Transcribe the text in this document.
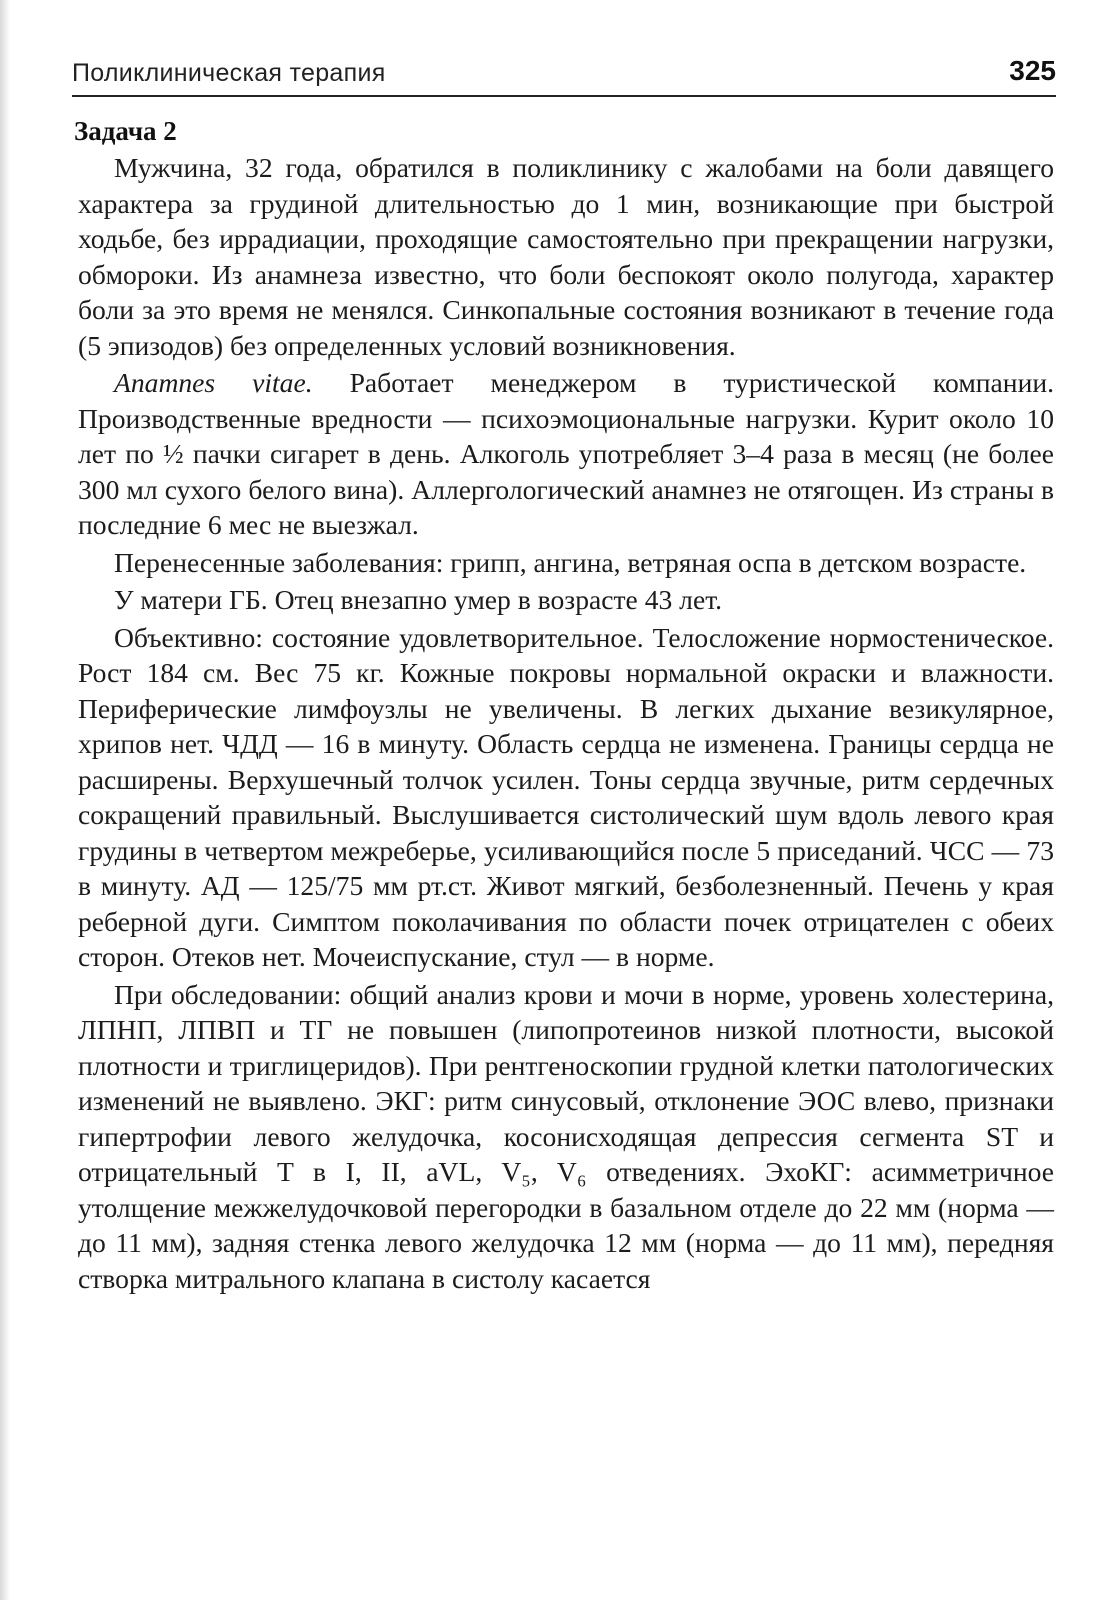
Поликлиническая терапия	325
Задача 2

Мужчина, 32 года, обратился в поликлинику с жалобами на боли давящего характера за грудиной длительностью до 1 мин, возникающие при быстрой ходьбе, без иррадиации, проходящие самостоятельно при прекращении нагрузки, обмороки. Из анамнеза известно, что боли беспокоят около полугода, характер боли за это время не менялся. Синкопальные состояния возникают в течение года (5 эпизодов) без определенных условий возникновения.

Anamnes vitae. Работает менеджером в туристической компании. Производственные вредности — психоэмоциональные нагрузки. Курит около 10 лет по ½ пачки сигарет в день. Алкоголь употребляет 3–4 раза в месяц (не более 300 мл сухого белого вина). Аллергологический анамнез не отягощен. Из страны в последние 6 мес не выезжал.

Перенесенные заболевания: грипп, ангина, ветряная оспа в детском возрасте.

У матери ГБ. Отец внезапно умер в возрасте 43 лет.

Объективно: состояние удовлетворительное. Телосложение нормостеническое. Рост 184 см. Вес 75 кг. Кожные покровы нормальной окраски и влажности. Периферические лимфоузлы не увеличены. В легких дыхание везикулярное, хрипов нет. ЧДД — 16 в минуту. Область сердца не изменена. Границы сердца не расширены. Верхушечный толчок усилен. Тоны сердца звучные, ритм сердечных сокращений правильный. Выслушивается систолический шум вдоль левого края грудины в четвертом межреберье, усиливающийся после 5 приседаний. ЧСС — 73 в минуту. АД — 125/75 мм рт.ст. Живот мягкий, безболезненный. Печень у края реберной дуги. Симптом поколачивания по области почек отрицателен с обеих сторон. Отеков нет. Мочеиспускание, стул — в норме.

При обследовании: общий анализ крови и мочи в норме, уровень холестерина, ЛПНП, ЛПВП и ТГ не повышен (липопротеинов низкой плотности, высокой плотности и триглицеридов). При рентгеноскопии грудной клетки патологических изменений не выявлено. ЭКГ: ритм синусовый, отклонение ЭОС влево, признаки гипертрофии левого желудочка, косонисходящая депрессия сегмента ST и отрицательный T в I, II, aVL, V₅, V₆ отведениях. ЭхоКГ: асимметричное утолщение межжелудочковой перегородки в базальном отделе до 22 мм (норма — до 11 мм), задняя стенка левого желудочка 12 мм (норма — до 11 мм), передняя створка митрального клапана в систолу касается
